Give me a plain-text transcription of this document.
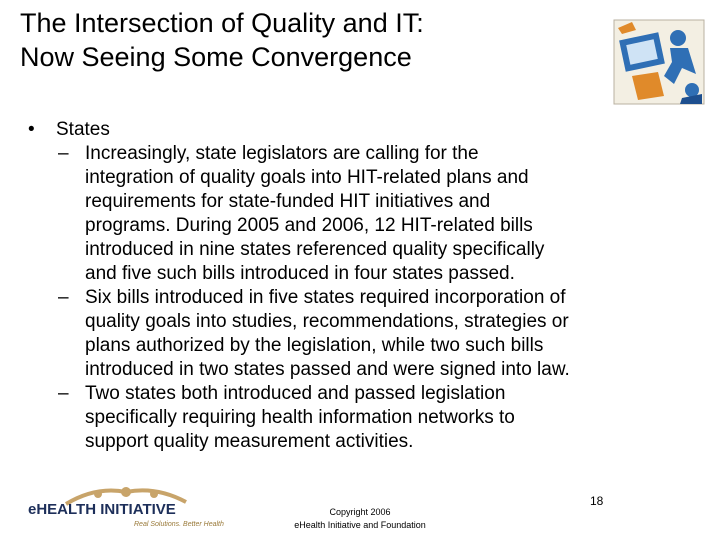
The Intersection of Quality and IT:
Now Seeing Some Convergence
• States
– Increasingly, state legislators are calling for the
integration of quality goals into HIT-related plans and
requirements for state-funded HIT initiatives and
programs. During 2005 and 2006, 12 HIT-related bills
introduced in nine states referenced quality specifically
and five such bills introduced in four states passed.
– Six bills introduced in five states required incorporation of
quality goals into studies, recommendations, strategies or
plans authorized by the legislation, while two such bills
introduced in two states passed and were signed into law.
– Two states both introduced and passed legislation
specifically requiring health information networks to
support quality measurement activities.
eHEALTH INITIATIVE
Real Solutions. Better Health
Copyright 2006
eHealth Initiative and Foundation
18
